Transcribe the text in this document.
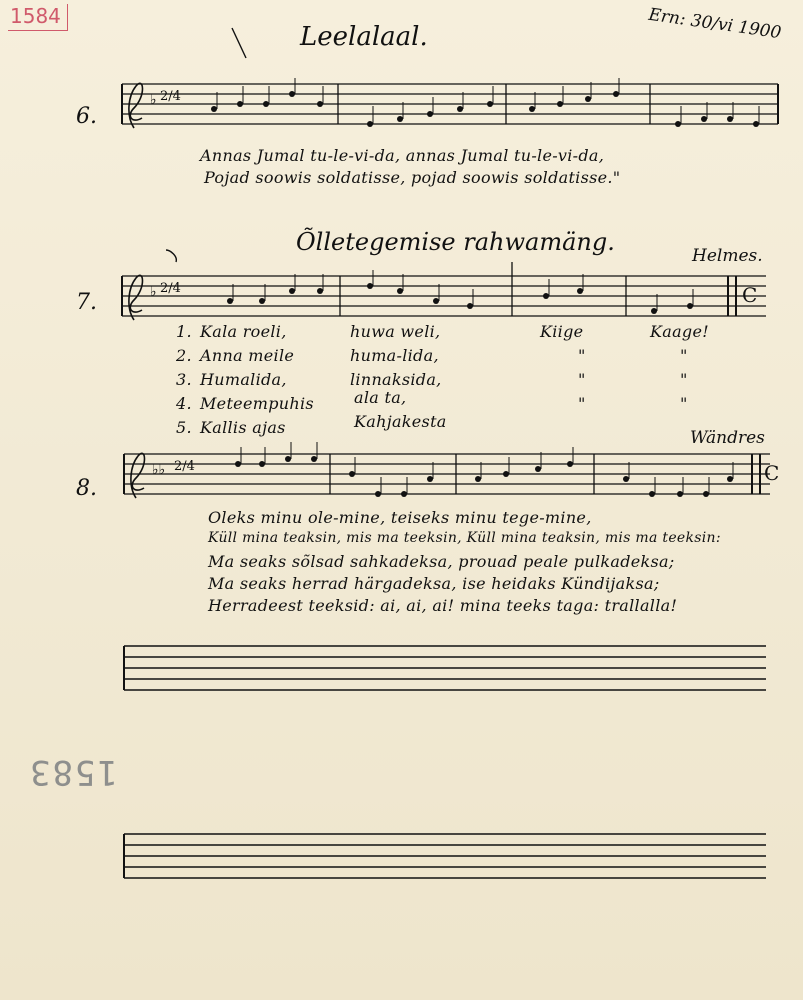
1584
1583
Leelalaal.	Ern: 30/vi 1900
6.
Annas Jumal tu-le-vi-da, annas Jumal tu-le-vi-da,
Pojad soowis soldatisse, pojad soowis soldatisse."
Õlletegemise rahwamäng.	Helmes.
7.
1. Kala roeli,	huwa weli,	Kiige	Kaage!
2. Anna meile	huma-lida,	"	"
3. Humalida,	linnaksida,	"	"
4. Meteempuhis	ala ta,	"	"
5. Kallis ajas	Kahjakesta
Wändres
8.
Oleks minu ole-mine, teiseks minu tege-mine,
Küll mina teaksin, mis ma teeksin, Küll mina teaksin, mis ma teeksin:
Ma seaks sõlsad sahkadeksa, prouad peale pulkadeksa;
Ma seaks herrad härgadeksa, ise heidaks Kündijaksa;
Herradeest teeksid: ai, ai, ai! mina teeks taga: trallalla!
♭ 2/4
♭ 2/4	C
♭♭ 2/4	C
